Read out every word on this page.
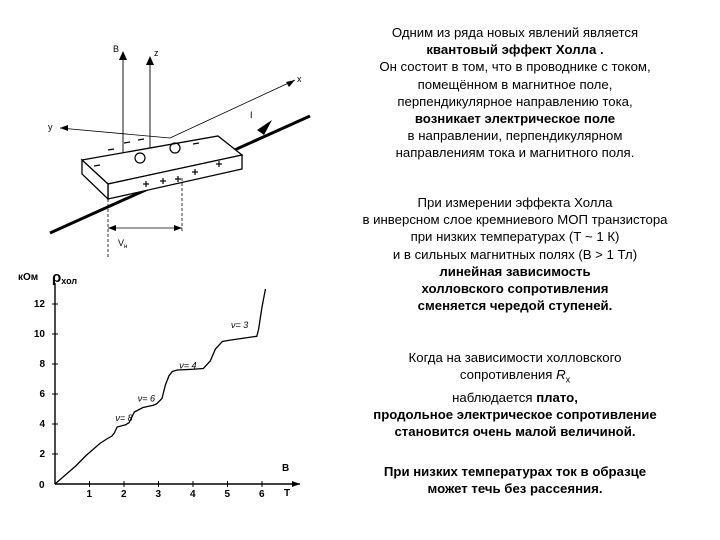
B	z
x
y
I
$V_н$
кОм ρхол
B
T
0
1	2	3	4	5	6
2
4
6
8
10
12
ν= 3
ν= 4
ν= 6
ν= 8
Одним из ряда новых явлений является
квантовый эффект Холла .
Он состоит в том, что в проводнике с током,
помещённом в магнитное поле,
перпендикулярное направлению тока,
возникает электрическое поле
в направлении, перпендикулярном
направлениям тока и магнитного поля.
При измерении эффекта Холла
в инверсном слое кремниевого МОП транзистора
при низких температурах (Т ~ 1 К)
и в сильных магнитных полях (В > 1 Тл)
линейная зависимость
холловского сопротивления
сменяется чередой ступеней.
Когда на зависимости холловского
сопротивления $R_x$
наблюдается плато,
продольное электрическое сопротивление
становится очень малой величиной.
При низких температурах ток в образце
может течь без рассеяния.
